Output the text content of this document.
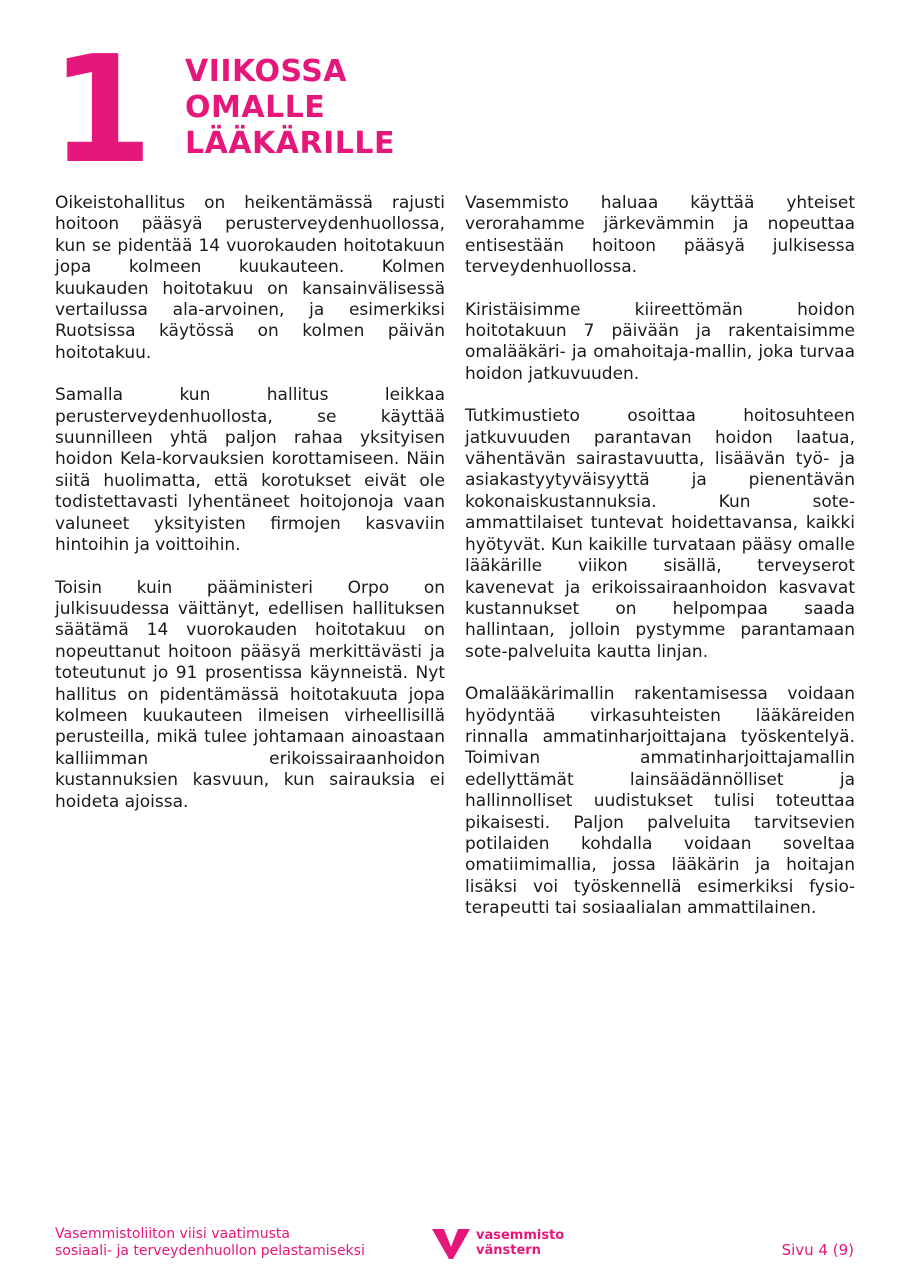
1 VIIKOSSA
OMALLE
LÄÄKÄRILLE

Oikeistohallitus on heikentämässä rajusti hoitoon pääsyä perusterveydenhuollossa, kun se pidentää 14 vuorokauden hoitotakuun jopa kolmeen kuukauteen. Kolmen kuukauden hoitotakuu on kansainvälisessä vertailussa ala-arvoinen, ja esimerkiksi Ruotsissa käytössä on kolmen päivän hoitotakuu.

Samalla kun hallitus leikkaa perusterveydenhuollosta, se käyttää suunnilleen yhtä paljon rahaa yksityisen hoidon Kela-korvauksien korottamiseen. Näin siitä huolimatta, että korotukset eivät ole todistettavasti lyhentäneet hoitojonoja vaan valuneet yksityisten firmojen kasvaviin hintoihin ja voittoihin.

Toisin kuin pääministeri Orpo on julkisuudessa väittänyt, edellisen hallituksen säätämä 14 vuorokauden hoitotakuu on nopeuttanut hoitoon pääsyä merkittävästi ja toteutunut jo 91 prosentissa käynneistä. Nyt hallitus on pidentämässä hoitotakuuta jopa kolmeen kuukauteen ilmeisen virheellisillä perusteilla, mikä tulee johtamaan ainoastaan kalliimman erikoissairaanhoidon kustannuksien kasvuun, kun sairauksia ei hoideta ajoissa.

Vasemmisto haluaa käyttää yhteiset verorahamme järkevämmin ja nopeuttaa entisestään hoitoon pääsyä julkisessa terveydenhuollossa.

Kiristäisimme kiireettömän hoidon hoitotakuun 7 päivään ja rakentaisimme omalääkäri- ja omahoitaja-mallin, joka turvaa hoidon jatkuvuuden.

Tutkimustieto osoittaa hoitosuhteen jatkuvuuden parantavan hoidon laatua, vähentävän sairastavuutta, lisäävän työ- ja asiakastyytyväisyyttä ja pienentävän kokonaiskustannuksia. Kun sote-ammattilaiset tuntevat hoidettavansa, kaikki hyötyvät. Kun kaikille turvataan pääsy omalle lääkärille viikon sisällä, terveyserot kavenevat ja erikoissairaanhoidon kasvavat kustannukset on helpompaa saada hallintaan, jolloin pystymme parantamaan sote-palveluita kautta linjan.

Omalääkärimallin rakentamisessa voidaan hyödyntää virkasuhteisten lääkäreiden rinnalla ammatinharjoittajana työskentelyä. Toimivan ammatinharjoittajamallin edellyttämät lainsäädännölliset ja hallinnolliset uudistukset tulisi toteuttaa pikaisesti. Paljon palveluita tarvitsevien potilaiden kohdalla voidaan soveltaa omatiimimallia, jossa lääkärin ja hoitajan lisäksi voi työskennellä esimerkiksi fysioterapeutti tai sosiaalialan ammattilainen.

Vasemmistoliiton viisi vaatimusta
sosiaali- ja terveydenhuollon pelastamiseksi
vasemmisto
vänstern	Sivu 4 (9)
